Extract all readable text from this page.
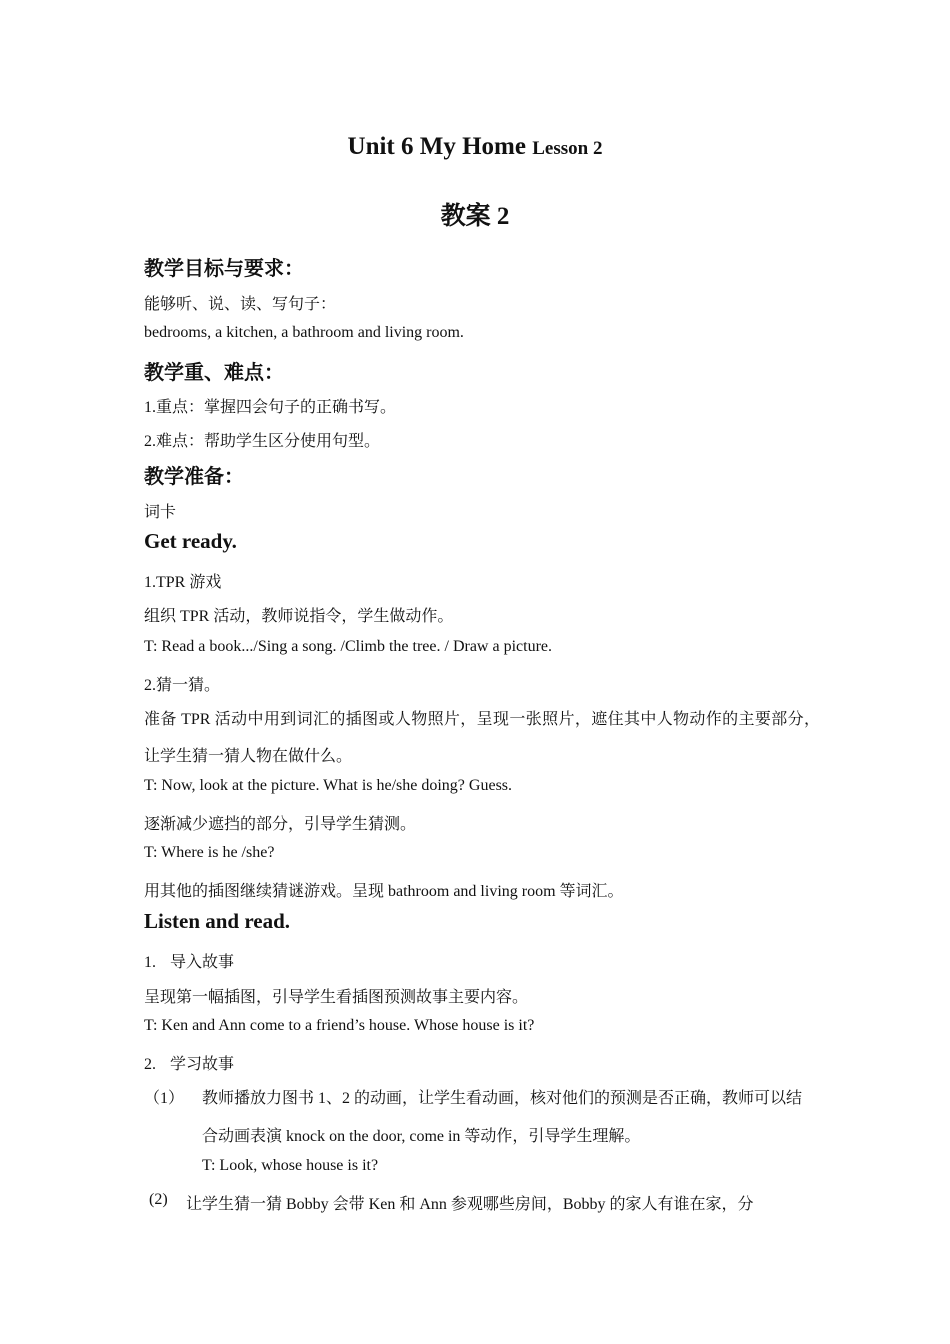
Unit 6 My Home Lesson 2
教案 2
教学目标与要求：
能够听、说、读、写句子：
bedrooms, a kitchen, a bathroom and living room.
教学重、难点：
1.重点：掌握四会句子的正确书写。
2.难点：帮助学生区分使用句型。
教学准备：
词卡
Get ready.
1.TPR 游戏
组织 TPR 活动，教师说指令，学生做动作。
T: Read a book.../Sing a song. /Climb the tree. / Draw a picture.
2.猜一猜。
准备 TPR 活动中用到词汇的插图或人物照片，呈现一张照片，遮住其中人物动作的主要部分，
让学生猜一猜人物在做什么。
T: Now, look at the picture. What is he/she doing? Guess.
逐渐减少遮挡的部分，引导学生猜测。
T: Where is he /she?
用其他的插图继续猜谜游戏。呈现 bathroom and living room 等词汇。
Listen and read.
1. 导入故事
呈现第一幅插图，引导学生看插图预测故事主要内容。
T: Ken and Ann come to a friend’s house. Whose house is it?
2. 学习故事
（1） 教师播放力图书 1、2 的动画，让学生看动画，核对他们的预测是否正确，教师可以结
合动画表演 knock on the door, come in 等动作，引导学生理解。
T: Look, whose house is it?
(2) 让学生猜一猜 Bobby 会带 Ken 和 Ann 参观哪些房间，Bobby 的家人有谁在家，分
